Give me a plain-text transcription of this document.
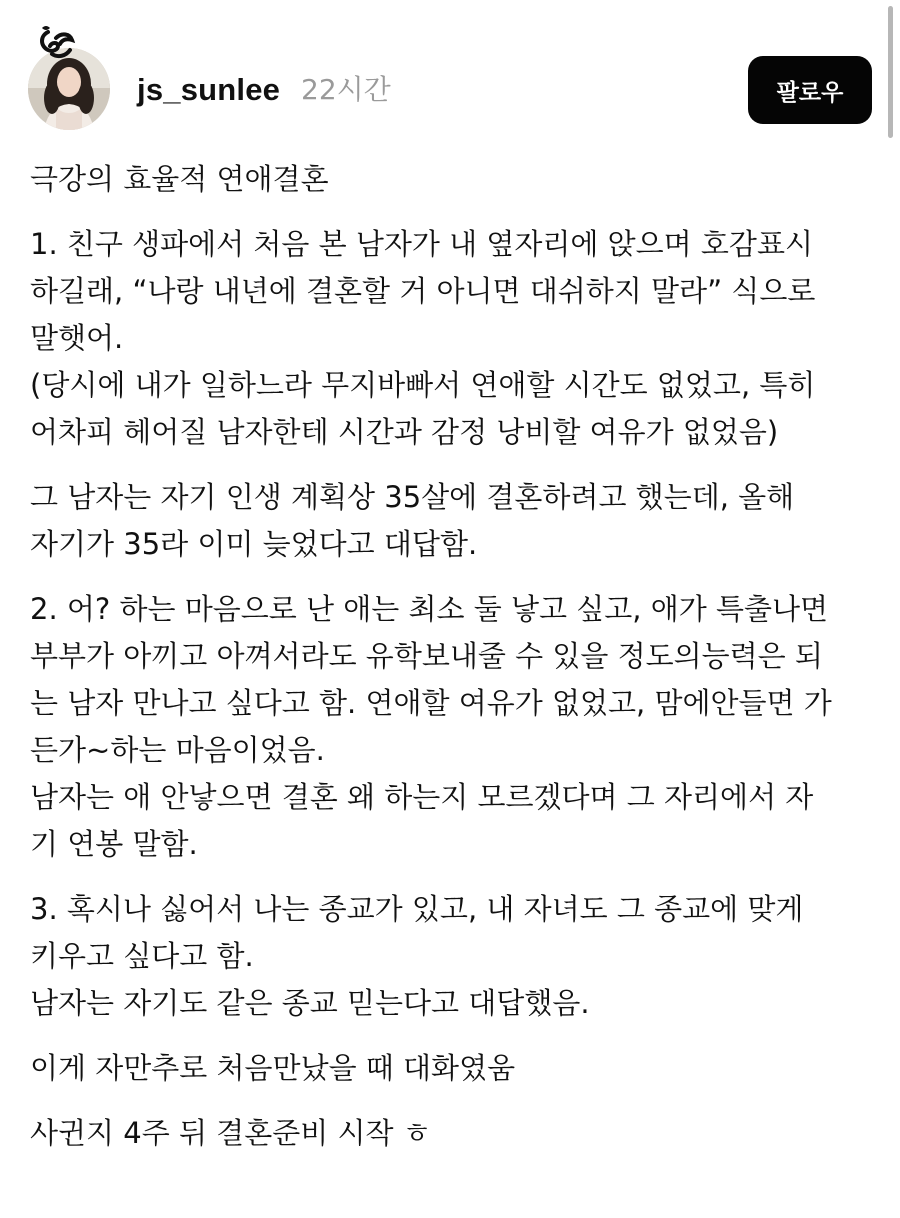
js_sunlee 22시간	팔로우

극강의 효율적 연애결혼

1. 친구 생파에서 처음 본 남자가 내 옆자리에 앉으며 호감표시

하길래, “나랑 내년에 결혼할 거 아니면 대쉬하지 말라” 식으로

말햇어.

(당시에 내가 일하느라 무지바빠서 연애할 시간도 없었고, 특히

어차피 헤어질 남자한테 시간과 감정 낭비할 여유가 없었음)

그 남자는 자기 인생 계획상 35살에 결혼하려고 했는데, 올해

자기가 35라 이미 늦었다고 대답함.

2. 어? 하는 마음으로 난 애는 최소 둘 낳고 싶고, 애가 특출나면

부부가 아끼고 아껴서라도 유학보내줄 수 있을 정도의능력은 되

는 남자 만나고 싶다고 함. 연애할 여유가 없었고, 맘에안들면 가

든가~하는 마음이었음.

남자는 애 안낳으면 결혼 왜 하는지 모르겠다며 그 자리에서 자

기 연봉 말함.

3. 혹시나 싫어서 나는 종교가 있고, 내 자녀도 그 종교에 맞게

키우고 싶다고 함.

남자는 자기도 같은 종교 믿는다고 대답했음.

이게 자만추로 처음만났을 때 대화였움

사귄지 4주 뒤 결혼준비 시작 ㅎ
